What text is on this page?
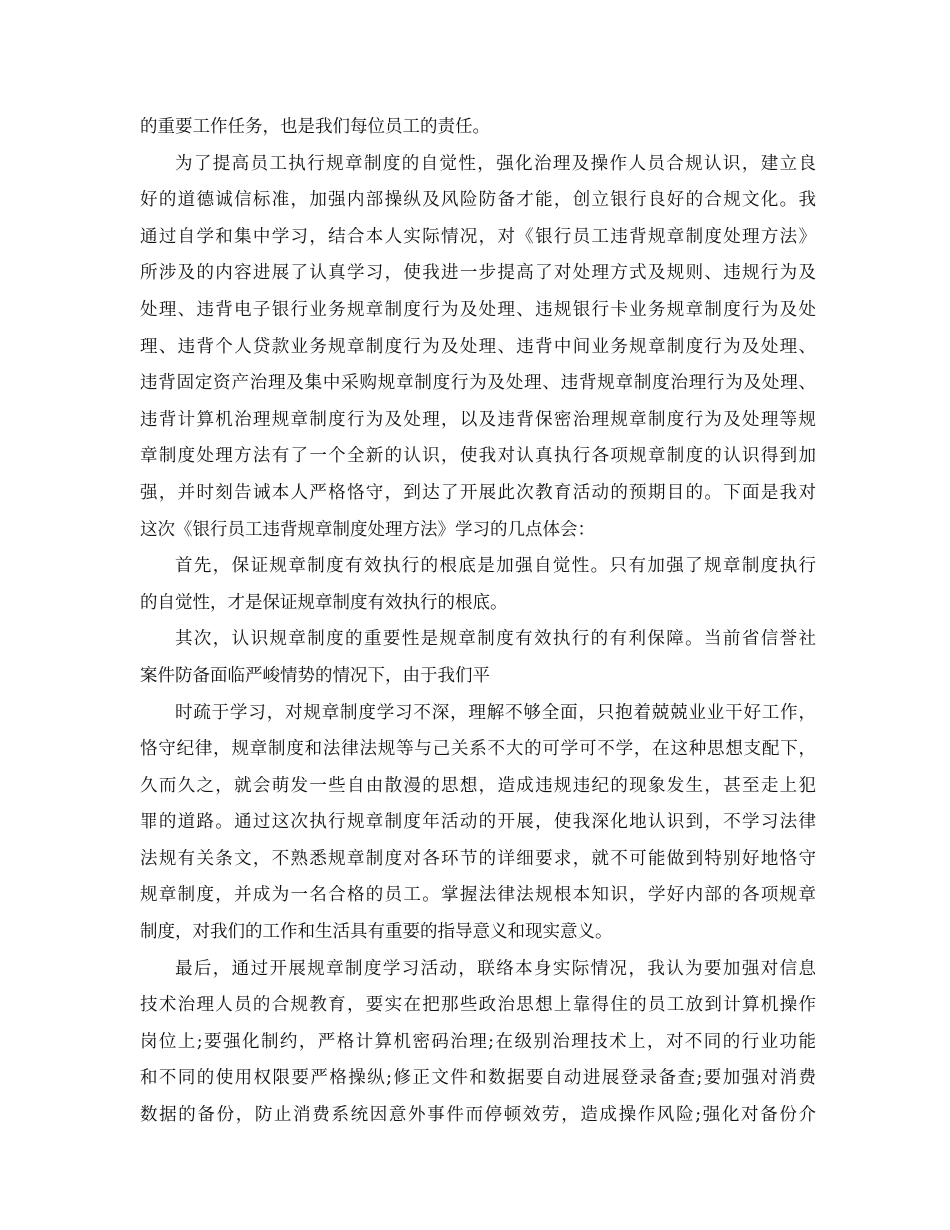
的重要工作任务，也是我们每位员工的责任。

为了提高员工执行规章制度的自觉性，强化治理及操作人员合规认识，建立良
好的道德诚信标准，加强内部操纵及风险防备才能，创立银行良好的合规文化。我
通过自学和集中学习，结合本人实际情况，对《银行员工违背规章制度处理方法》
所涉及的内容进展了认真学习，使我进一步提高了对处理方式及规则、违规行为及
处理、违背电子银行业务规章制度行为及处理、违规银行卡业务规章制度行为及处
理、违背个人贷款业务规章制度行为及处理、违背中间业务规章制度行为及处理、
违背固定资产治理及集中采购规章制度行为及处理、违背规章制度治理行为及处理、
违背计算机治理规章制度行为及处理，以及违背保密治理规章制度行为及处理等规
章制度处理方法有了一个全新的认识，使我对认真执行各项规章制度的认识得到加
强，并时刻告诫本人严格恪守，到达了开展此次教育活动的预期目的。下面是我对
这次《银行员工违背规章制度处理方法》学习的几点体会：

首先，保证规章制度有效执行的根底是加强自觉性。只有加强了规章制度执行
的自觉性，才是保证规章制度有效执行的根底。

其次，认识规章制度的重要性是规章制度有效执行的有利保障。当前省信誉社
案件防备面临严峻情势的情况下，由于我们平

时疏于学习，对规章制度学习不深，理解不够全面，只抱着兢兢业业干好工作，
恪守纪律，规章制度和法律法规等与己关系不大的可学可不学，在这种思想支配下，
久而久之，就会萌发一些自由散漫的思想，造成违规违纪的现象发生，甚至走上犯
罪的道路。通过这次执行规章制度年活动的开展，使我深化地认识到，不学习法律
法规有关条文，不熟悉规章制度对各环节的详细要求，就不可能做到特别好地恪守
规章制度，并成为一名合格的员工。掌握法律法规根本知识，学好内部的各项规章
制度，对我们的工作和生活具有重要的指导意义和现实意义。

最后，通过开展规章制度学习活动，联络本身实际情况，我认为要加强对信息
技术治理人员的合规教育，要实在把那些政治思想上靠得住的员工放到计算机操作
岗位上;要强化制约，严格计算机密码治理;在级别治理技术上，对不同的行业功能
和不同的使用权限要严格操纵;修正文件和数据要自动进展登录备查;要加强对消费
数据的备份，防止消费系统因意外事件而停顿效劳，造成操作风险;强化对备份介
